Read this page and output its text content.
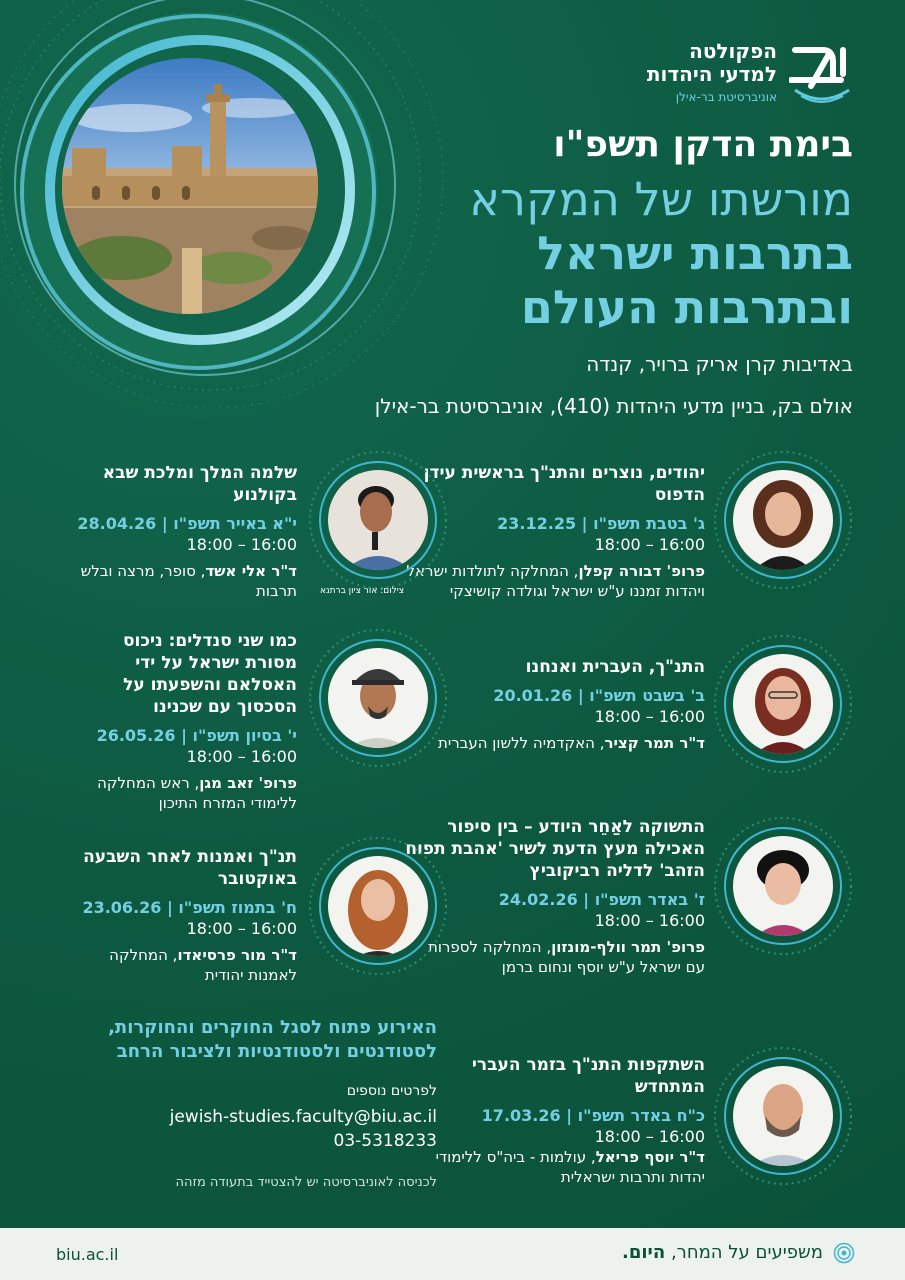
הפקולטה
למדעי היהדות
אוניברסיטת בר-אילן
בימת הדקן תשפ"ו
מורשתו של המקרא
בתרבות ישראל
ובתרבות העולם
באדיבות קרן אריק ברויר, קנדה
אולם בק, בניין מדעי היהדות (410), אוניברסיטת בר-אילן
יהודים, נוצרים והתנ"ך בראשית עידן הדפוס
ג' בטבת תשפ"ו | 23.12.25
16:00 – 18:00
פרופ' דבורה קפלן, המחלקה לתולדות ישראל ויהדות זמננו ע"ש ישראל וגולדה קושיצקי
התנ"ך, העברית ואנחנו
ב' בשבט תשפ"ו | 20.01.26
16:00 – 18:00
ד"ר תמר קציר, האקדמיה ללשון העברית
התשוקה לאַחֵר היודע – בין סיפור האכילה מעץ הדעת לשיר 'אהבת תפוח הזהב' לדליה רביקוביץ
ז' באדר תשפ"ו | 24.02.26
16:00 – 18:00
פרופ' תמר וולף-מונזון, המחלקה לספרות עם ישראל ע"ש יוסף ונחום ברמן
השתקפות התנ"ך בזמר העברי המתחדש
כ"ח באדר תשפ"ו | 17.03.26
16:00 – 18:00
ד"ר יוסף פריאל, עולמות - ביה"ס ללימודי יהדות ותרבות ישראלית
שלמה המלך ומלכת שבא בקולנוע
י"א באייר תשפ"ו | 28.04.26
16:00 – 18:00
ד"ר אלי אשד, סופר, מרצה ובלש תרבות
כמו שני סנדלים: ניכוס מסורת ישראל על ידי האסלאם והשפעתו על הסכסוך עם שכנינו
י' בסיון תשפ"ו | 26.05.26
16:00 – 18:00
פרופ' זאב מגן, ראש המחלקה ללימודי המזרח התיכון
תנ"ך ואמנות לאחר השבעה באוקטובר
ח' בתמוז תשפ"ו | 23.06.26
16:00 – 18:00
ד"ר מור פרסיאדו, המחלקה לאמנות יהודית
צילום: אור ציון ברתנא
האירוע פתוח לסגל החוקרים והחוקרות, לסטודנטים ולסטודנטיות ולציבור הרחב
לפרטים נוספים
jewish-studies.faculty@biu.ac.il
03-5318233
לכניסה לאוניברסיטה יש להצטייד בתעודה מזהה
biu.ac.il	משפיעים על המחר, היום.
